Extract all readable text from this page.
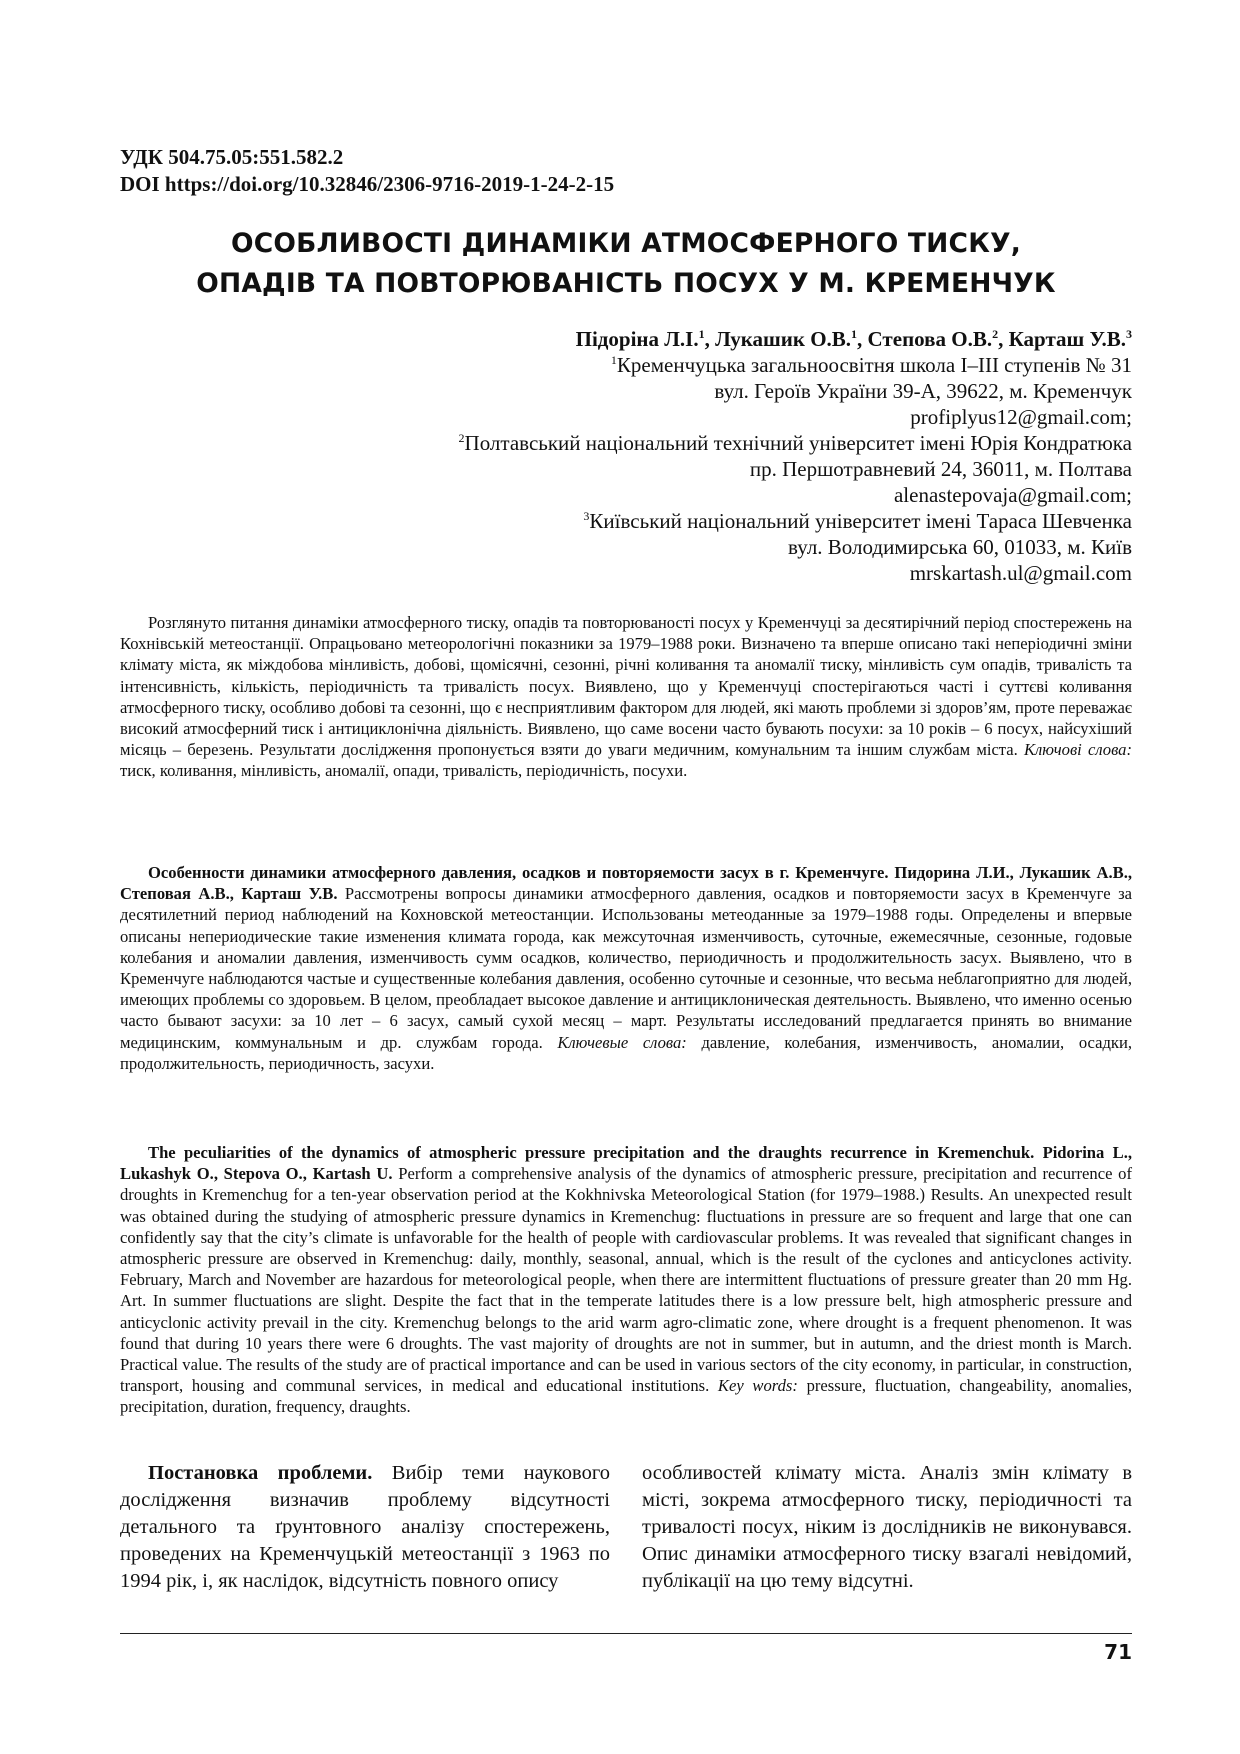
УДК 504.75.05:551.582.2
DOI https://doi.org/10.32846/2306-9716-2019-1-24-2-15
ОСОБЛИВОСТІ ДИНАМІКИ АТМОСФЕРНОГО ТИСКУ,
ОПАДІВ ТА ПОВТОРЮВАНІСТЬ ПОСУХ У М. КРЕМЕНЧУК
Підоріна Л.І.$^1$, Лукашик О.В.$^1$, Степова О.В.$^2$, Карташ У.В.$^3$
$^1$Кременчуцька загальноосвітня школа І–ІІІ ступенів № 31
вул. Героїв України 39-А, 39622, м. Кременчук
profiplyus12@gmail.com;
$^2$Полтавський національний технічний університет імені Юрія Кондратюка
пр. Першотравневий 24, 36011, м. Полтава
alenastepovaja@gmail.com;
$^3$Київський національний університет імені Тараса Шевченка
вул. Володимирська 60, 01033, м. Київ
mrskartash.ul@gmail.com

Розглянуто питання динаміки атмосферного тиску, опадів та повторюваності посух у Кременчуці за десятирічний період спостережень на Кохнівській метеостанції. Опрацьовано метеорологічні показники за 1979–1988 роки. Визначено та вперше описано такі неперіодичні зміни клімату міста, як міждобова мінливість, добові, щомісячні, сезонні, річні коливання та аномалії тиску, мінливість сум опадів, тривалість та інтенсивність, кількість, періодичність та тривалість посух. Виявлено, що у Кременчуці спостерігаються часті і суттєві коливання атмосферного тиску, особливо добові та сезонні, що є несприятливим фактором для людей, які мають проблеми зі здоров’ям, проте переважає високий атмосферний тиск і антициклонічна діяльність. Виявлено, що саме восени часто бувають посухи: за 10 років – 6 посух, найсухіший місяць – березень. Результати дослідження пропонується взяти до уваги медичним, комунальним та іншим службам міста. Ключові слова: тиск, коливання, мінливість, аномалії, опади, тривалість, періодичність, посухи.

Особенности динамики атмосферного давления, осадков и повторяемости засух в г. Кременчуге. Пидорина Л.И., Лукашик А.В., Степовая А.В., Карташ У.В. Рассмотрены вопросы динамики атмосферного давления, осадков и повторяемости засух в Кременчуге за десятилетний период наблюдений на Кохновской метеостанции. Использованы метеоданные за 1979–1988 годы. Определены и впервые описаны непериодические такие изменения климата города, как межсуточная изменчивость, суточные, ежемесячные, сезонные, годовые колебания и аномалии давления, изменчивость сумм осадков, количество, периодичность и продолжительность засух. Выявлено, что в Кременчуге наблюдаются частые и существенные колебания давления, особенно суточные и сезонные, что весьма неблагоприятно для людей, имеющих проблемы со здоровьем. В целом, преобладает высокое давление и антициклоническая деятельность. Выявлено, что именно осенью часто бывают засухи: за 10 лет – 6 засух, самый сухой месяц – март. Результаты исследований предлагается принять во внимание медицинским, коммунальным и др. службам города. Ключевые слова: давление, колебания, изменчивость, аномалии, осадки, продолжительность, периодичность, засухи.

The peculiarities of the dynamics of atmospheric pressure precipitation and the draughts recurrence in Kremenchuk. Pidorina L., Lukashyk O., Stepova O., Kartash U. Perform a comprehensive analysis of the dynamics of atmospheric pressure, precipitation and recurrence of droughts in Kremenchug for a ten-year observation period at the Kokhnivska Meteorological Station (for 1979–1988.) Results. An unexpected result was obtained during the studying of atmospheric pressure dynamics in Kremenchug: fluctuations in pressure are so frequent and large that one can confidently say that the city’s climate is unfavorable for the health of people with cardiovascular problems. It was revealed that significant changes in atmospheric pressure are observed in Kremenchug: daily, monthly, seasonal, annual, which is the result of the cyclones and anticyclones activity. February, March and November are hazardous for meteorological people, when there are intermittent fluctuations of pressure greater than 20 mm Hg. Art. In summer fluctuations are slight. Despite the fact that in the temperate latitudes there is a low pressure belt, high atmospheric pressure and anticyclonic activity prevail in the city. Kremenchug belongs to the arid warm agro-climatic zone, where drought is a frequent phenomenon. It was found that during 10 years there were 6 droughts. The vast majority of droughts are not in summer, but in autumn, and the driest month is March. Practical value. The results of the study are of practical importance and can be used in various sectors of the city economy, in particular, in construction, transport, housing and communal services, in medical and educational institutions. Key words: pressure, fluctuation, changeability, anomalies, precipitation, duration, frequency, draughts.

Постановка проблеми. Вибір теми наукового дослідження визначив проблему відсутності детального та ґрунтовного аналізу спостережень, проведених на Кременчуцькій метеостанції з 1963 по 1994 рік, і, як наслідок, відсутність повного опису
особливостей клімату міста. Аналіз змін клімату в місті, зокрема атмосферного тиску, періодичності та тривалості посух, ніким із дослідників не виконувався. Опис динаміки атмосферного тиску взагалі невідомий, публікації на цю тему відсутні.
71
